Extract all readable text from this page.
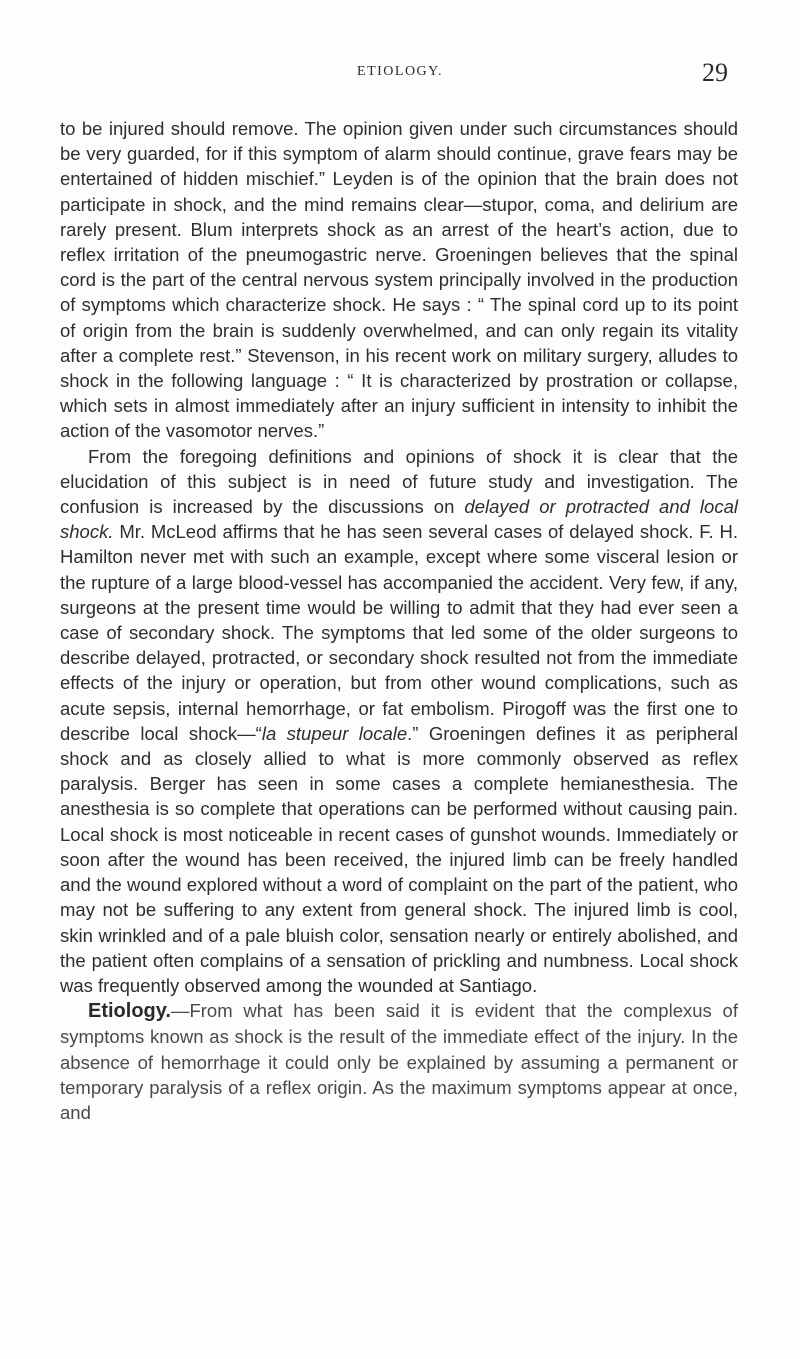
ETIOLOGY.	29

to be injured should remove. The opinion given under such circumstances should be very guarded, for if this symptom of alarm should continue, grave fears may be entertained of hidden mischief.” Leyden is of the opinion that the brain does not participate in shock, and the mind remains clear—stupor, coma, and delirium are rarely present. Blum interprets shock as an arrest of the heart’s action, due to reflex irritation of the pneumogastric nerve. Groeningen believes that the spinal cord is the part of the central nervous system principally involved in the production of symptoms which characterize shock. He says : “ The spinal cord up to its point of origin from the brain is suddenly overwhelmed, and can only regain its vitality after a complete rest.” Stevenson, in his recent work on military surgery, alludes to shock in the following language : “ It is characterized by prostration or collapse, which sets in almost immediately after an injury sufficient in intensity to inhibit the action of the vasomotor nerves.”

From the foregoing definitions and opinions of shock it is clear that the elucidation of this subject is in need of future study and investigation. The confusion is increased by the discussions on delayed or protracted and local shock. Mr. McLeod affirms that he has seen several cases of delayed shock. F. H. Hamilton never met with such an example, except where some visceral lesion or the rupture of a large blood-vessel has accompanied the accident. Very few, if any, surgeons at the present time would be willing to admit that they had ever seen a case of secondary shock. The symptoms that led some of the older surgeons to describe delayed, protracted, or secondary shock resulted not from the immediate effects of the injury or operation, but from other wound complications, such as acute sepsis, internal hemorrhage, or fat embolism. Pirogoff was the first one to describe local shock—“la stupeur locale.” Groeningen defines it as peripheral shock and as closely allied to what is more commonly observed as reflex paralysis. Berger has seen in some cases a complete hemianesthesia. The anesthesia is so complete that operations can be performed without causing pain. Local shock is most noticeable in recent cases of gunshot wounds. Immediately or soon after the wound has been received, the injured limb can be freely handled and the wound explored without a word of complaint on the part of the patient, who may not be suffering to any extent from general shock. The injured limb is cool, skin wrinkled and of a pale bluish color, sensation nearly or entirely abolished, and the patient often complains of a sensation of prickling and numbness. Local shock was frequently observed among the wounded at Santiago.

Etiology.—From what has been said it is evident that the complexus of symptoms known as shock is the result of the immediate effect of the injury. In the absence of hemorrhage it could only be explained by assuming a permanent or temporary paralysis of a reflex origin. As the maximum symptoms appear at once, and
